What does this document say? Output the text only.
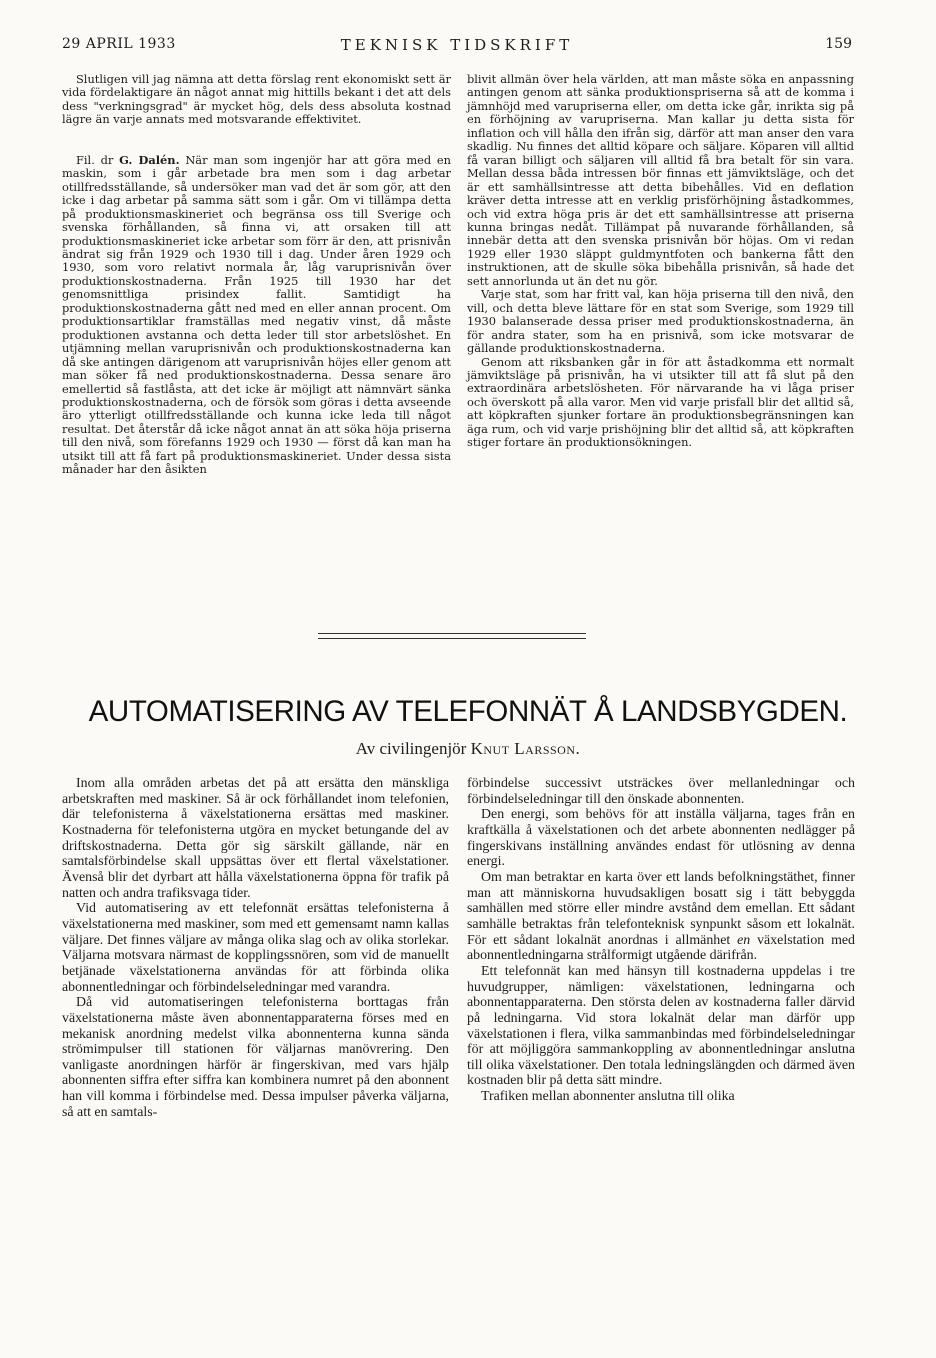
29 APRIL 1933	TEKNISK TIDSKRIFT	159

Slutligen vill jag nämna att detta förslag rent ekonomiskt sett är vida fördelaktigare än något annat mig hittills bekant i det att dels dess "verkningsgrad" är mycket hög, dels dess absoluta kostnad lägre än varje annats med motsvarande effektivitet.

Fil. dr G. Dalén. När man som ingenjör har att göra med en maskin, som i går arbetade bra men som i dag arbetar otillfredsställande, så undersöker man vad det är som gör, att den icke i dag arbetar på samma sätt som i går. Om vi tillämpa detta på produktionsmaskineriet och begränsa oss till Sverige och svenska förhållanden, så finna vi, att orsaken till att produktionsmaskineriet icke arbetar som förr är den, att prisnivån ändrat sig från 1929 och 1930 till i dag. Under åren 1929 och 1930, som voro relativt normala år, låg varuprisnivån över produktionskostnaderna. Från 1925 till 1930 har det genomsnittliga prisindex fallit. Samtidigt ha produktionskostnaderna gått ned med en eller annan procent. Om produktionsartiklar framställas med negativ vinst, då måste produktionen avstanna och detta leder till stor arbetslöshet. En utjämning mellan varuprisnivån och produktionskostnaderna kan då ske antingen därigenom att varuprisnivån höjes eller genom att man söker få ned produktionskostnaderna. Dessa senare äro emellertid så fastlåsta, att det icke är möjligt att nämnvärt sänka produktionskostnaderna, och de försök som göras i detta avseende äro ytterligt otillfredsställande och kunna icke leda till något resultat. Det återstår då icke något annat än att söka höja priserna till den nivå, som förefanns 1929 och 1930 — först då kan man ha utsikt till att få fart på produktionsmaskineriet. Under dessa sista månader har den åsikten

blivit allmän över hela världen, att man måste söka en anpassning antingen genom att sänka produktionspriserna så att de komma i jämnhöjd med varupriserna eller, om detta icke går, inrikta sig på en förhöjning av varupriserna. Man kallar ju detta sista för inflation och vill hålla den ifrån sig, därför att man anser den vara skadlig. Nu finnes det alltid köpare och säljare. Köparen vill alltid få varan billigt och säljaren vill alltid få bra betalt för sin vara. Mellan dessa båda intressen bör finnas ett jämviktsläge, och det är ett samhällsintresse att detta bibehålles. Vid en deflation kräver detta intresse att en verklig prisförhöjning åstadkommes, och vid extra höga pris är det ett samhällsintresse att priserna kunna bringas nedåt. Tillämpat på nuvarande förhållanden, så innebär detta att den svenska prisnivån bör höjas. Om vi redan 1929 eller 1930 släppt guldmyntfoten och bankerna fått den instruktionen, att de skulle söka bibehålla prisnivån, så hade det sett annorlunda ut än det nu gör.

Varje stat, som har fritt val, kan höja priserna till den nivå, den vill, och detta bleve lättare för en stat som Sverige, som 1929 till 1930 balanserade dessa priser med produktionskostnaderna, än för andra stater, som ha en prisnivå, som icke motsvarar de gällande produktionskostnaderna.

Genom att riksbanken går in för att åstadkomma ett normalt jämviktsläge på prisnivån, ha vi utsikter till att få slut på den extraordinära arbetslösheten. För närvarande ha vi låga priser och överskott på alla varor. Men vid varje prisfall blir det alltid så, att köpkraften sjunker fortare än produktionsbegränsningen kan äga rum, och vid varje prishöjning blir det alltid så, att köpkraften stiger fortare än produktionsökningen.

AUTOMATISERING AV TELEFONNÄT Å LANDSBYGDEN.
Av civilingenjör Knut Larsson.

Inom alla områden arbetas det på att ersätta den mänskliga arbetskraften med maskiner. Så är ock förhållandet inom telefonien, där telefonisterna å växelstationerna ersättas med maskiner. Kostnaderna för telefonisterna utgöra en mycket betungande del av driftskostnaderna. Detta gör sig särskilt gällande, när en samtalsförbindelse skall uppsättas över ett flertal växelstationer. Ävenså blir det dyrbart att hålla växelstationerna öppna för trafik på natten och andra trafiksvaga tider.

Vid automatisering av ett telefonnät ersättas telefonisterna å växelstationerna med maskiner, som med ett gemensamt namn kallas väljare. Det finnes väljare av många olika slag och av olika storlekar. Väljarna motsvara närmast de kopplingssnören, som vid de manuellt betjänade växelstationerna användas för att förbinda olika abonnentledningar och förbindelseledningar med varandra.

Då vid automatiseringen telefonisterna borttagas från växelstationerna måste även abonnentapparaterna förses med en mekanisk anordning medelst vilka abonnenterna kunna sända strömimpulser till stationen för väljarnas manövrering. Den vanligaste anordningen härför är fingerskivan, med vars hjälp abonnenten siffra efter siffra kan kombinera numret på den abonnent han vill komma i förbindelse med. Dessa impulser påverka väljarna, så att en samtals-

förbindelse successivt utsträckes över mellanledningar och förbindelseledningar till den önskade abonnenten.

Den energi, som behövs för att inställa väljarna, tages från en kraftkälla å växelstationen och det arbete abonnenten nedlägger på fingerskivans inställning användes endast för utlösning av denna energi.

Om man betraktar en karta över ett lands befolkningstäthet, finner man att människorna huvudsakligen bosatt sig i tätt bebyggda samhällen med större eller mindre avstånd dem emellan. Ett sådant samhälle betraktas från telefonteknisk synpunkt såsom ett lokalnät. För ett sådant lokalnät anordnas i allmänhet en växelstation med abonnentledningarna strålformigt utgående därifrån.

Ett telefonnät kan med hänsyn till kostnaderna uppdelas i tre huvudgrupper, nämligen: växelstationen, ledningarna och abonnentapparaterna. Den största delen av kostnaderna faller därvid på ledningarna. Vid stora lokalnät delar man därför upp växelstationen i flera, vilka sammanbindas med förbindelseledningar för att möjliggöra sammankoppling av abonnentledningar anslutna till olika växelstationer. Den totala ledningslängden och därmed även kostnaden blir på detta sätt mindre.

Trafiken mellan abonnenter anslutna till olika
